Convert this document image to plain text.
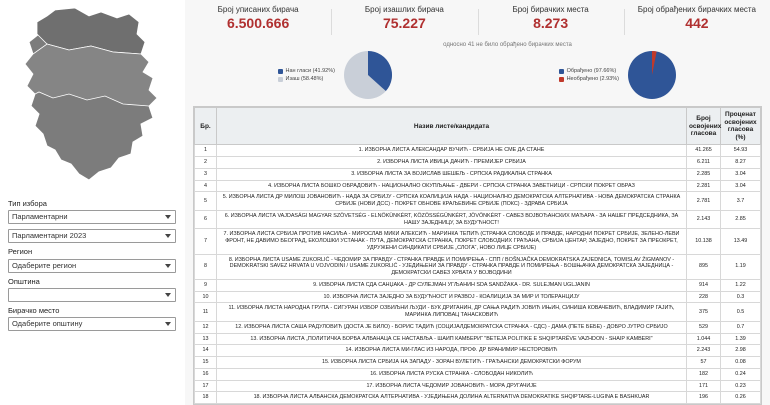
Тип избора
Парламентарни
Парламентарни 2023
Регион
Одаберите регион
Општина
Бирачко место
Одаберите општину
Број уписаних бирача
6.500.666
Број изашлих бирача
75.227
Број бирачких места
8.273
Број обрађених бирачких места
442
односно 41 не било обрађено бирачких места
Нан гласи (41.92%)
Изаш (58.48%)
Обрађено (97.66%)
Необрађено (2.93%)
Бр.	Назив листе/кандидата	Број освојених гласова	Проценат освојених гласова (%)
1	1. ИЗБОРНА ЛИСТА АЛЕКСАНДАР ВУЧИЋ - СРБИЈА НЕ СМЕ ДА СТАНЕ	41.265	54.93
2	2. ИЗБОРНА ЛИСТА ИВИЦА ДАЧИЋ - ПРЕМИЈЕР СРБИЈА	6.211	8.27
3	3. ИЗБОРНА ЛИСТА ЗА ВОЈИСЛАВ ШЕШЕЉ - СРПСКА РАДИКАЛНА СТРАНКА	2.285	3.04
4	4. ИЗБОРНА ЛИСТА БОШКО ОБРАДОВИЋ - НАЦИОНАЛНО ОКУПЉАЊЕ - ДВЕРИ - СРПСКА СТРАНКА ЗАВЕТНИЦИ - СРПСКИ ПОКРЕТ ОБРАЗ	2.281	3.04
5	5. ИЗБОРНА ЛИСТА ДР МИЛОШ ЈОВАНОВИЋ - НАДА ЗА СРБИЈУ - СРПСКА КОАЛИЦИЈА НАДА - НАЦИОНАЛНО ДЕМОКРАТСКА АЛТЕРНАТИВА - НОВА ДЕМОКРАТСКА СТРАНКА СРБИЈЕ (НОВИ ДСС) - ПОКРЕТ ОБНОВЕ КРАЉЕВИНЕ СРБИЈЕ (ПОКС) - ЗДРАВА СРБИЈА	2.781	3.7
6	6. ИЗБОРНА ЛИСТА VAJDASÁGI MAGYAR SZÖVETSÉG - ELNÖKÜNKÉRT, KÖZÖSSÉGÜNKÉRT, JÖVŐNKÉRT - САВЕЗ ВОЈВОЂАНСКИХ МАЂАРА - ЗА НАШЕГ ПРЕДСЕДНИКА, ЗА НАШУ ЗАЈЕДНИЦУ, ЗА БУДУЋНОСТ!	2.143	2.85
7	7. ИЗБОРНА ЛИСТА СРБИЈА ПРОТИВ НАСИЉА - МИРОСЛАВ МИКИ АЛЕКСИЋ - МАРИНКА ТЕПИЋ (СТРАНКА СЛОБОДЕ И ПРАВДЕ, НАРОДНИ ПОКРЕТ СРБИЈЕ, ЗЕЛЕНО-ЛЕВИ ФРОНТ, НЕ ДАВИМО БЕОГРАД, ЕКОЛОШКИ УСТАНАК - ПУТА, ДЕМОКРАТСКА СТРАНКА, ПОКРЕТ СЛОБОДНИХ ГРАЂАНА, СРБИЈА ЦЕНТАР, ЗАЈЕДНО, ПОКРЕТ ЗА ПРЕОКРЕТ, УДРУЖЕНИ СИНДИКАТИ СРБИЈЕ „СЛОГА“, НОВО ЛИЦЕ СРБИЈЕ)	10.138	13.49
8	8. ИЗБОРНА ЛИСТА USAME ZUKORLIĆ - ЧЕДОМИР ЗА ПРАВДУ - СТРАНКА ПРАВДЕ И ПОМИРЕЊА - СПП / BOŠNJAČKA DEMOKRATSKA ZAJEDNICA, TOMISLAV ŽIGMANOV - DEMOKRATSKI SAVEZ HRVATA U VOJVODINI / USAME ZUKORLIĆ - УЈЕДИЊЕНИ ЗА ПРАВДУ - СТРАНКА ПРАВДЕ И ПОМИРЕЊА - БОШЊАЧКА ДЕМОКРАТСКА ЗАЈЕДНИЦА - ДЕМОКРАТСКИ САВЕЗ ХРВАТА У ВОЈВОДИНИ	895	1.19
9	9. ИЗБОРНА ЛИСТА СДА САНЏАКА - ДР СУЛЕЈМАН УГЉАНИН SDA SANDŽAKA - DR. SULEJMAN UGLJANIN	914	1.22
10	10. ИЗБОРНА ЛИСТА ЗАЈЕДНО ЗА БУДУЋНОСТ И РАЗВОЈ - КОАЛИЦИЈА ЗА МИР И ТОЛЕРАНЦИЈУ	228	0.3
11	11. ИЗБОРНА ЛИСТА НАРОДНА ГРУПА - СИГУРАН ИЗБОР ОЗБИЉНИ ЉУДИ - БУК ДРИГАНИН, ДР САЊА РАДИЋ ЈОВИЋ ИЊИН, СИНИША КОВАЧЕВИЋ, ВЛАДИМИР ГАЈИЋ, МАРИНКА ЛИПОВАЦ ТАНАСКОВИЋ	375	0.5
12	12. ИЗБОРНА ЛИСТА САША РАДУЛОВИЋ (ДОСТА ЈЕ БИЛО) - БОРИС ТАДИЋ (СОЦИЈАЛДЕМОКРАТСКА СТРАНКА - СДС) - ДАМА (ПЕТЕ БЕБЕ) - ДОБРО ЈУТРО СРБИЈО	529	0.7
13	13. ИЗБОРНА ЛИСТА „ПОЛИТИЧКА БОРБА АЛБАНАЦА СЕ НАСТАВЉА - ШАИП КАМБЕРИ“ "BETEJA POLITIKE E SHQIPTARËVE VAZHDON - SHAIP KAMBERI"	1.044	1.39
14	14. ИЗБОРНА ЛИСТА МИ-ГЛАС ИЗ НАРОДА, ПРОФ. ДР БРАНИМИР НЕСТОРОВИЋ	2.243	2.98
15	15. ИЗБОРНА ЛИСТА СРБИЈА НА ЗАПАДУ - ЗОРАН ВУЛЕТИЋ - ГРАЂАНСКИ ДЕМОКРАТСКИ ФОРУМ	57	0.08
16	16. ИЗБОРНА ЛИСТА РУСКА СТРАНКА - СЛОБОДАН НИКОЛИЋ	182	0.24
17	17. ИЗБОРНА ЛИСТА ЧЕДОМИР ЈОВАНОВИЋ - МОРА ДРУГАЧИЈЕ	171	0.23
18	18. ИЗБОРНА ЛИСТА АЛБАНСКА ДЕМОКРАТСКА АЛТЕРНАТИВА - УЈЕДИЊЕНА ДОЛИНА ALTERNATIVA DEMOKRATIKE SHQIPTARE-LUGINA E BASHKUAR	196	0.26
